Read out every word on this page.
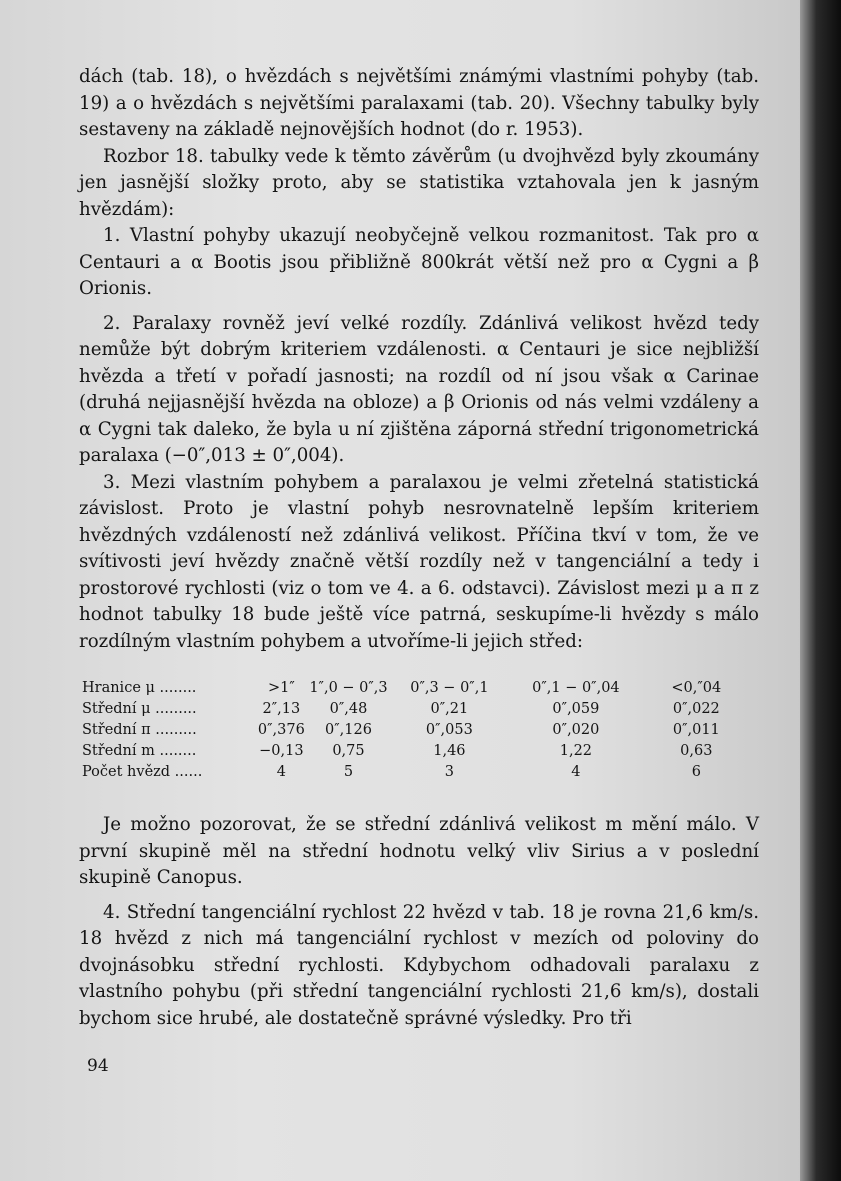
dách (tab. 18), o hvězdách s největšími známými vlastními pohyby (tab. 19) a o hvězdách s největšími paralaxami (tab. 20). Všechny tabulky byly sestaveny na základě nejnovějších hodnot (do r. 1953).

Rozbor 18. tabulky vede k těmto závěrům (u dvojhvězd byly zkoumány jen jasnější složky proto, aby se statistika vztahovala jen k jasným hvězdám):

1. Vlastní pohyby ukazují neobyčejně velkou rozmanitost. Tak pro α Centauri a α Bootis jsou přibližně 800krát větší než pro α Cygni a β Orionis.

2. Paralaxy rovněž jeví velké rozdíly. Zdánlivá velikost hvězd tedy nemůže být dobrým kriteriem vzdálenosti. α Centauri je sice nejbližší hvězda a třetí v pořadí jasnosti; na rozdíl od ní jsou však α Carinae (druhá nejjasnější hvězda na obloze) a β Orionis od nás velmi vzdáleny a α Cygni tak daleko, že byla u ní zjištěna záporná střední trigonometrická paralaxa (−0″,013 ± 0″,004).

3. Mezi vlastním pohybem a paralaxou je velmi zřetelná statistická závislost. Proto je vlastní pohyb nesrovnatelně lepším kriteriem hvězdných vzdáleností než zdánlivá velikost. Příčina tkví v tom, že ve svítivosti jeví hvězdy značně větší rozdíly než v tangenciální a tedy i prostorové rychlosti (viz o tom ve 4. a 6. odstavci). Závislost mezi μ a π z hodnot tabulky 18 bude ještě více patrná, seskupíme-li hvězdy s málo rozdílným vlastním pohybem a utvoříme-li jejich střed:

Hranice μ ........	>1″	1″,0 − 0″,3	0″,3 − 0″,1	0″,1 − 0″,04	<0,″04
Střední μ .........	2″,13	0″,48	0″,21	0″,059	0″,022
Střední π .........	0″,376	0″,126	0″,053	0″,020	0″,011
Střední m ........	−0,13	0,75	1,46	1,22	0,63
Počet hvězd ......	4	5	3	4	6

Je možno pozorovat, že se střední zdánlivá velikost m mění málo. V první skupině měl na střední hodnotu velký vliv Sirius a v poslední skupině Canopus.

4. Střední tangenciální rychlost 22 hvězd v tab. 18 je rovna 21,6 km/s. 18 hvězd z nich má tangenciální rychlost v mezích od poloviny do dvojnásobku střední rychlosti. Kdybychom odhadovali paralaxu z vlastního pohybu (při střední tangenciální rychlosti 21,6 km/s), dostali bychom sice hrubé, ale dostatečně správné výsledky. Pro tři

94
